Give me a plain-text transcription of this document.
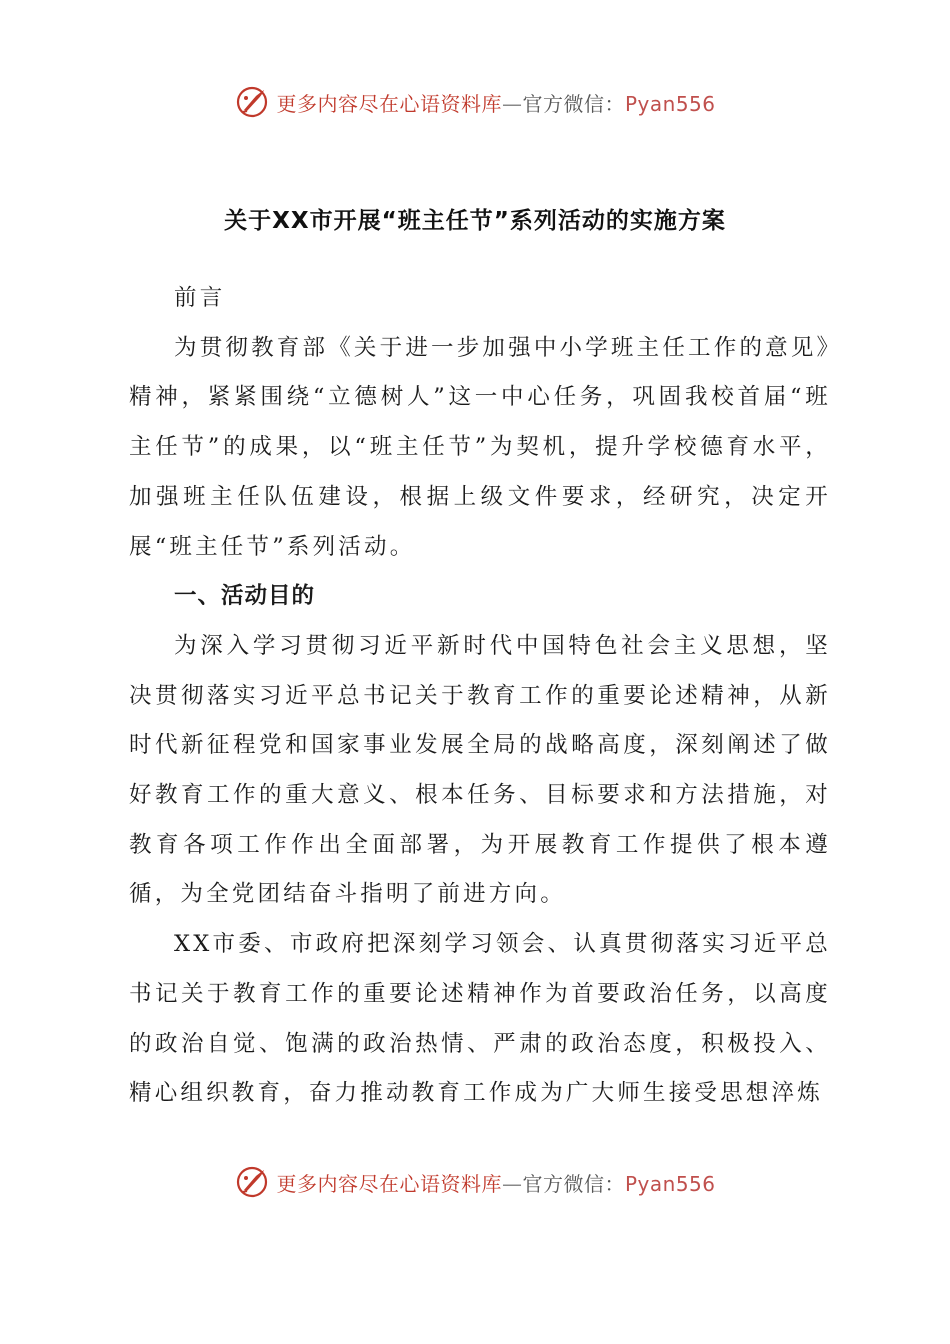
更多内容尽在心语资料库—官方微信：Pyan556
关于XX市开展“班主任节”系列活动的实施方案

前言

为贯彻教育部《关于进一步加强中小学班主任工作的意见》精神，紧紧围绕“立德树人”这一中心任务，巩固我校首届“班主任节”的成果，以“班主任节”为契机，提升学校德育水平，加强班主任队伍建设，根据上级文件要求，经研究，决定开展“班主任节”系列活动。

一、活动目的

为深入学习贯彻习近平新时代中国特色社会主义思想，坚决贯彻落实习近平总书记关于教育工作的重要论述精神，从新时代新征程党和国家事业发展全局的战略高度，深刻阐述了做好教育工作的重大意义、根本任务、目标要求和方法措施，对教育各项工作作出全面部署，为开展教育工作提供了根本遵循，为全党团结奋斗指明了前进方向。

XX市委、市政府把深刻学习领会、认真贯彻落实习近平总书记关于教育工作的重要论述精神作为首要政治任务，以高度的政治自觉、饱满的政治热情、严肃的政治态度，积极投入、精心组织教育，奋力推动教育工作成为广大师生接受思想淬炼

更多内容尽在心语资料库—官方微信：Pyan556
